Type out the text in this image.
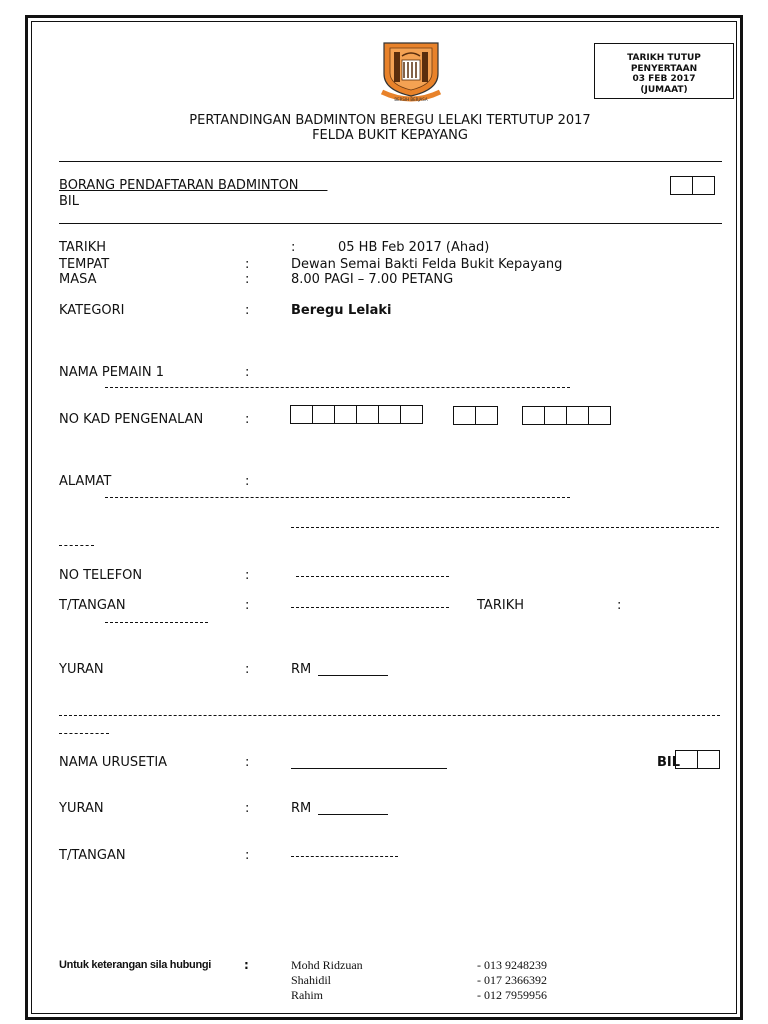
BERSIH BERJASA
TARIKH TUTUP
PENYERTAAN
03 FEB 2017
(JUMAAT)
PERTANDINGAN BADMINTON BEREGU LELAKI TERTUTUP 2017
FELDA BUKIT KEPAYANG
BORANG PENDAFTARAN BADMINTON
BIL
TARIKH	:	05 HB Feb 2017 (Ahad)
TEMPAT	:	Dewan Semai Bakti Felda Bukit Kepayang
MASA	:	8.00 PAGI – 7.00 PETANG
KATEGORI	:	Beregu Lelaki
NAMA PEMAIN 1	:
NO KAD PENGENALAN	:
ALAMAT	:
NO TELEFON	:
T/TANGAN	:	TARIKH	:
YURAN	:	RM
NAMA URUSETIA	:	BIL
YURAN	:	RM
T/TANGAN	:
Untuk keterangan sila hubungi	:	Mohd Ridzuan	- 013 9248239
Shahidil	- 017 2366392
Rahim	- 012 7959956
